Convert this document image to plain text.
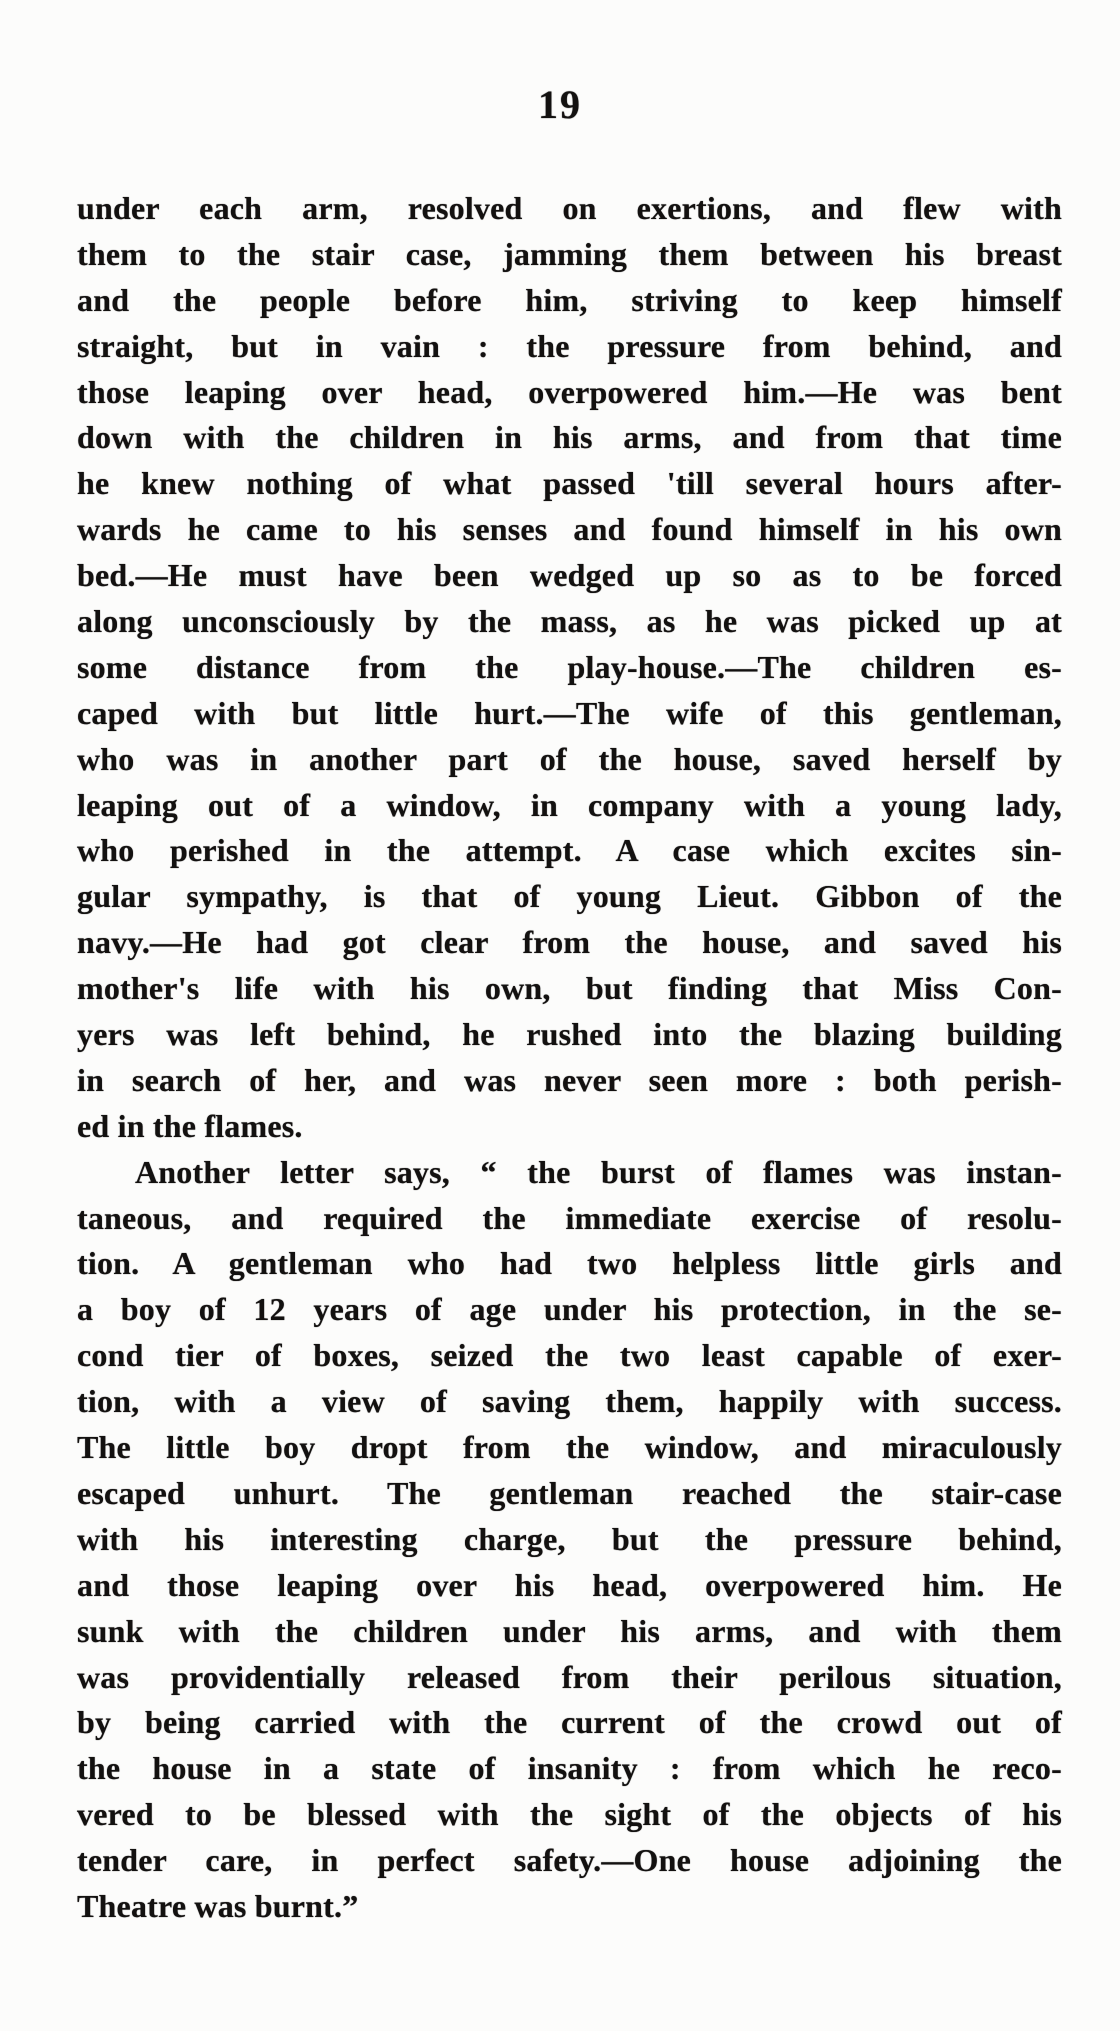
19
under each arm, resolved on exertions, and flew with
them to the stair case, jamming them between his breast
and the people before him, striving to keep himself
straight, but in vain : the pressure from behind, and
those leaping over head, overpowered him.—He was bent
down with the children in his arms, and from that time
he knew nothing of what passed 'till several hours after-
wards he came to his senses and found himself in his own
bed.—He must have been wedged up so as to be forced
along unconsciously by the mass, as he was picked up at
some distance from the play-house.—The children es-
caped with but little hurt.—The wife of this gentleman,
who was in another part of the house, saved herself by
leaping out of a window, in company with a young lady,
who perished in the attempt. A case which excites sin-
gular sympathy, is that of young Lieut. Gibbon of the
navy.—He had got clear from the house, and saved his
mother's life with his own, but finding that Miss Con-
yers was left behind, he rushed into the blazing building
in search of her, and was never seen more : both perish-
ed in the flames.
Another letter says, “ the burst of flames was instan-
taneous, and required the immediate exercise of resolu-
tion. A gentleman who had two helpless little girls and
a boy of 12 years of age under his protection, in the se-
cond tier of boxes, seized the two least capable of exer-
tion, with a view of saving them, happily with success.
The little boy dropt from the window, and miraculously
escaped unhurt. The gentleman reached the stair-case
with his interesting charge, but the pressure behind,
and those leaping over his head, overpowered him. He
sunk with the children under his arms, and with them
was providentially released from their perilous situation,
by being carried with the current of the crowd out of
the house in a state of insanity : from which he reco-
vered to be blessed with the sight of the objects of his
tender care, in perfect safety.—One house adjoining the
Theatre was burnt.”
